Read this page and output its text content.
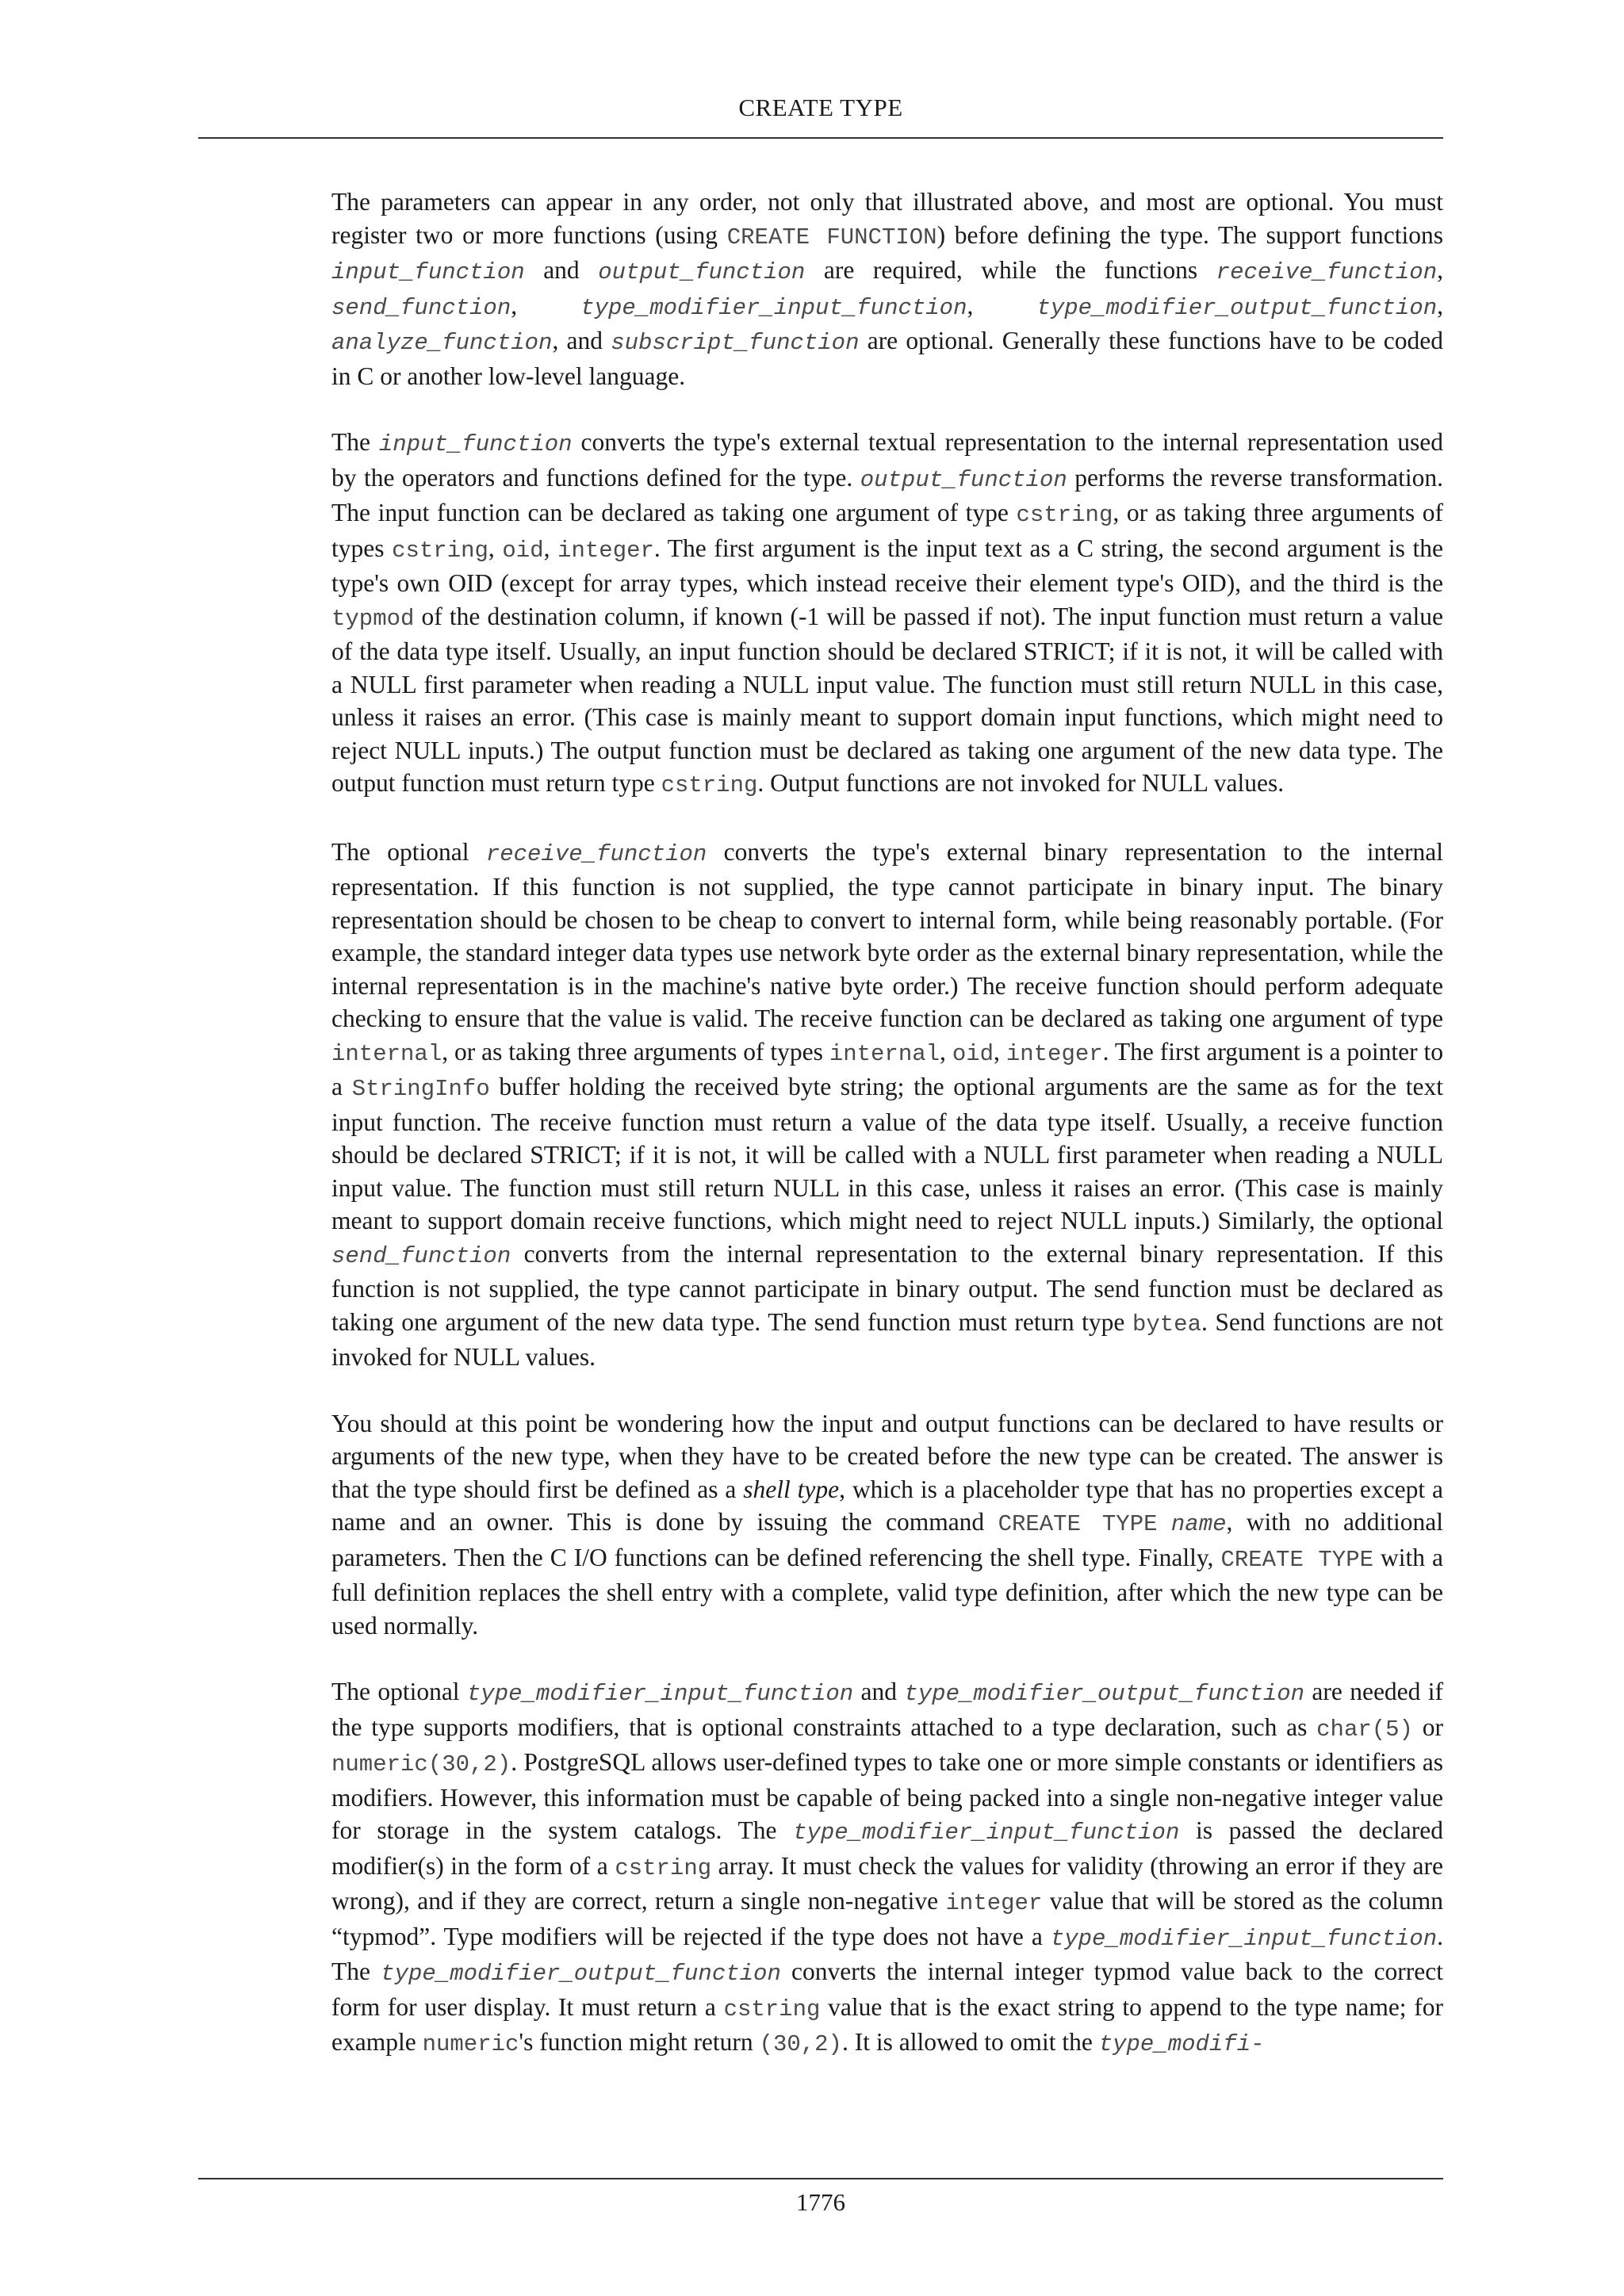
CREATE TYPE

The parameters can appear in any order, not only that illustrated above, and most are optional. You must register two or more functions (using CREATE FUNCTION) before defining the type. The support functions input_function and output_function are required, while the functions receive_function, send_function, type_modifier_input_function, type_modifier_output_function, analyze_function, and subscript_function are optional. Generally these functions have to be coded in C or another low-level language.

The input_function converts the type's external textual representation to the internal representation used by the operators and functions defined for the type. output_function performs the reverse transformation. The input function can be declared as taking one argument of type cstring, or as taking three arguments of types cstring, oid, integer. The first argument is the input text as a C string, the second argument is the type's own OID (except for array types, which instead receive their element type's OID), and the third is the typmod of the destination column, if known (-1 will be passed if not). The input function must return a value of the data type itself. Usually, an input function should be declared STRICT; if it is not, it will be called with a NULL first parameter when reading a NULL input value. The function must still return NULL in this case, unless it raises an error. (This case is mainly meant to support domain input functions, which might need to reject NULL inputs.) The output function must be declared as taking one argument of the new data type. The output function must return type cstring. Output functions are not invoked for NULL values.

The optional receive_function converts the type's external binary representation to the internal representation. If this function is not supplied, the type cannot participate in binary input. The binary representation should be chosen to be cheap to convert to internal form, while being reasonably portable. (For example, the standard integer data types use network byte order as the external binary representation, while the internal representation is in the machine's native byte order.) The receive function should perform adequate checking to ensure that the value is valid. The receive function can be declared as taking one argument of type internal, or as taking three arguments of types internal, oid, integer. The first argument is a pointer to a StringInfo buffer holding the received byte string; the optional arguments are the same as for the text input function. The receive function must return a value of the data type itself. Usually, a receive function should be declared STRICT; if it is not, it will be called with a NULL first parameter when reading a NULL input value. The function must still return NULL in this case, unless it raises an error. (This case is mainly meant to support domain receive functions, which might need to reject NULL inputs.) Similarly, the optional send_function converts from the internal representation to the external binary representation. If this function is not supplied, the type cannot participate in binary output. The send function must be declared as taking one argument of the new data type. The send function must return type bytea. Send functions are not invoked for NULL values.

You should at this point be wondering how the input and output functions can be declared to have results or arguments of the new type, when they have to be created before the new type can be created. The answer is that the type should first be defined as a shell type, which is a placeholder type that has no properties except a name and an owner. This is done by issuing the command CREATE TYPE name, with no additional parameters. Then the C I/O functions can be defined referencing the shell type. Finally, CREATE TYPE with a full definition replaces the shell entry with a complete, valid type definition, after which the new type can be used normally.

The optional type_modifier_input_function and type_modifier_output_function are needed if the type supports modifiers, that is optional constraints attached to a type declaration, such as char(5) or numeric(30,2). PostgreSQL allows user-defined types to take one or more simple constants or identifiers as modifiers. However, this information must be capable of being packed into a single non-negative integer value for storage in the system catalogs. The type_modifier_input_function is passed the declared modifier(s) in the form of a cstring array. It must check the values for validity (throwing an error if they are wrong), and if they are correct, return a single non-negative integer value that will be stored as the column “typmod”. Type modifiers will be rejected if the type does not have a type_modifier_input_function. The type_modifier_output_function converts the internal integer typmod value back to the correct form for user display. It must return a cstring value that is the exact string to append to the type name; for example numeric's function might return (30,2). It is allowed to omit the type_modifi-

1776
